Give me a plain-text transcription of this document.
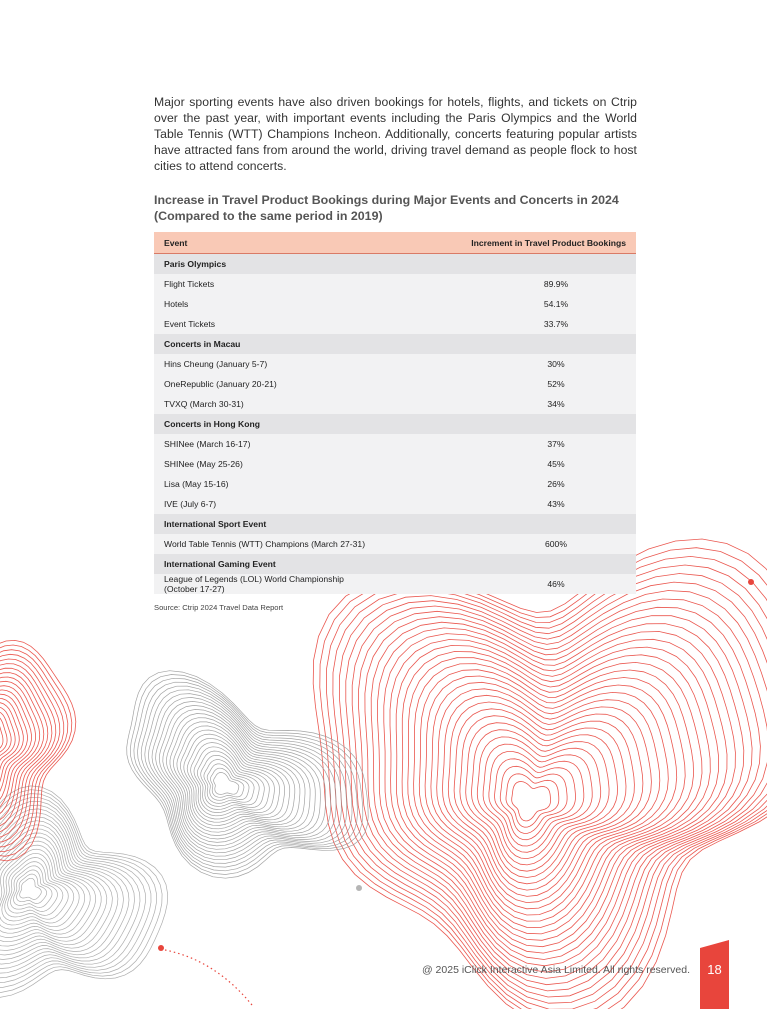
Major sporting events have also driven bookings for hotels, flights, and tickets on Ctrip over the past year, with important events including the Paris Olympics and the World Table Tennis (WTT) Champions Incheon. Additionally, concerts featuring popular artists have attracted fans from around the world, driving travel demand as people flock to host cities to attend concerts.

Increase in Travel Product Bookings during Major Events and Concerts in 2024
(Compared to the same period in 2019)
Event	Increment in Travel Product Bookings
Paris Olympics	
Flight Tickets	89.9%
Hotels	54.1%
Event Tickets	33.7%
Concerts in Macau	
Hins Cheung (January 5-7)	30%
OneRepublic (January 20-21)	52%
TVXQ (March 30-31)	34%
Concerts in Hong Kong	
SHINee (March 16-17)	37%
SHINee (May 25-26)	45%
Lisa (May 15-16)	26%
IVE (July 6-7)	43%
International Sport Event	
World Table Tennis (WTT) Champions (March 27-31)	600%
International Gaming Event	
League of Legends (LOL) World Championship (October 17-27)	46%
Source: Ctrip 2024 Travel Data Report
@ 2025 iClick Interactive Asia Limited. All rights reserved.	18
